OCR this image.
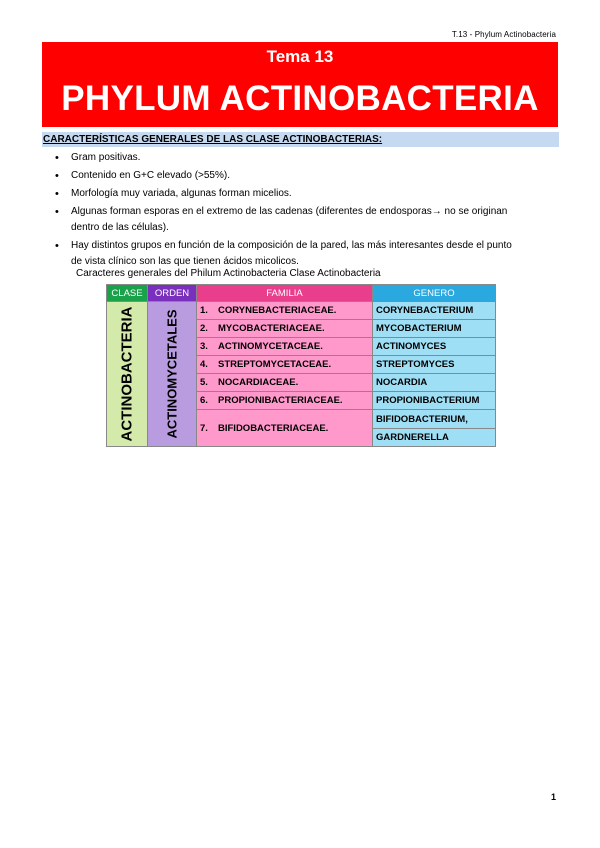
T.13 - Phylum Actinobacteria
Tema 13
PHYLUM ACTINOBACTERIA
CARACTERÍSTICAS GENERALES DE LAS CLASE ACTINOBACTERIAS:
• Gram positivas.
• Contenido en G+C elevado (>55%).
• Morfología muy variada, algunas forman micelios.
• Algunas forman esporas en el extremo de las cadenas (diferentes de endosporas→ no se originan dentro de las células).
• Hay distintos grupos en función de la composición de la pared, las más interesantes desde el punto de vista clínico son las que tienen ácidos micolicos.
Caracteres generales del Philum Actinobacteria Clase Actinobacteria
CLASE	ORDEN	FAMILIA	GENERO

ACTINOBACTERIA	ACTINOMYCETALES	1. CORYNEBACTERIACEAE.	CORYNEBACTERIUM
		2. MYCOBACTERIACEAE.	MYCOBACTERIUM
		3. ACTINOMYCETACEAE.	ACTINOMYCES
		4. STREPTOMYCETACEAE.	STREPTOMYCES
		5. NOCARDIACEAE.	NOCARDIA
		6. PROPIONIBACTERIACEAE.	PROPIONIBACTERIUM
		7. BIFIDOBACTERIACEAE.	BIFIDOBACTERIUM,
			GARDNERELLA
1
